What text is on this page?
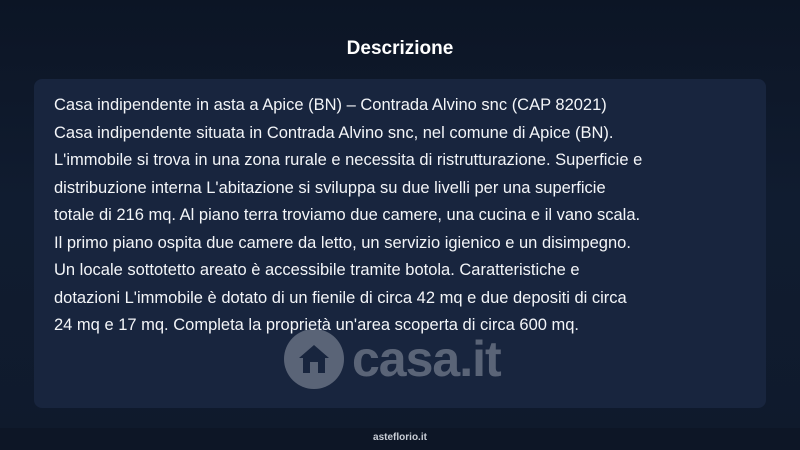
Descrizione

Casa indipendente in asta a Apice (BN) – Contrada Alvino snc (CAP 82021)
Casa indipendente situata in Contrada Alvino snc, nel comune di Apice (BN).
L'immobile si trova in una zona rurale e necessita di ristrutturazione. Superficie e
distribuzione interna L'abitazione si sviluppa su due livelli per una superficie
totale di 216 mq. Al piano terra troviamo due camere, una cucina e il vano scala.
Il primo piano ospita due camere da letto, un servizio igienico e un disimpegno.
Un locale sottotetto areato è accessibile tramite botola. Caratteristiche e
dotazioni L'immobile è dotato di un fienile di circa 42 mq e due depositi di circa
24 mq e 17 mq. Completa la proprietà un'area scoperta di circa 600 mq.

casa.it
asteflorio.it
